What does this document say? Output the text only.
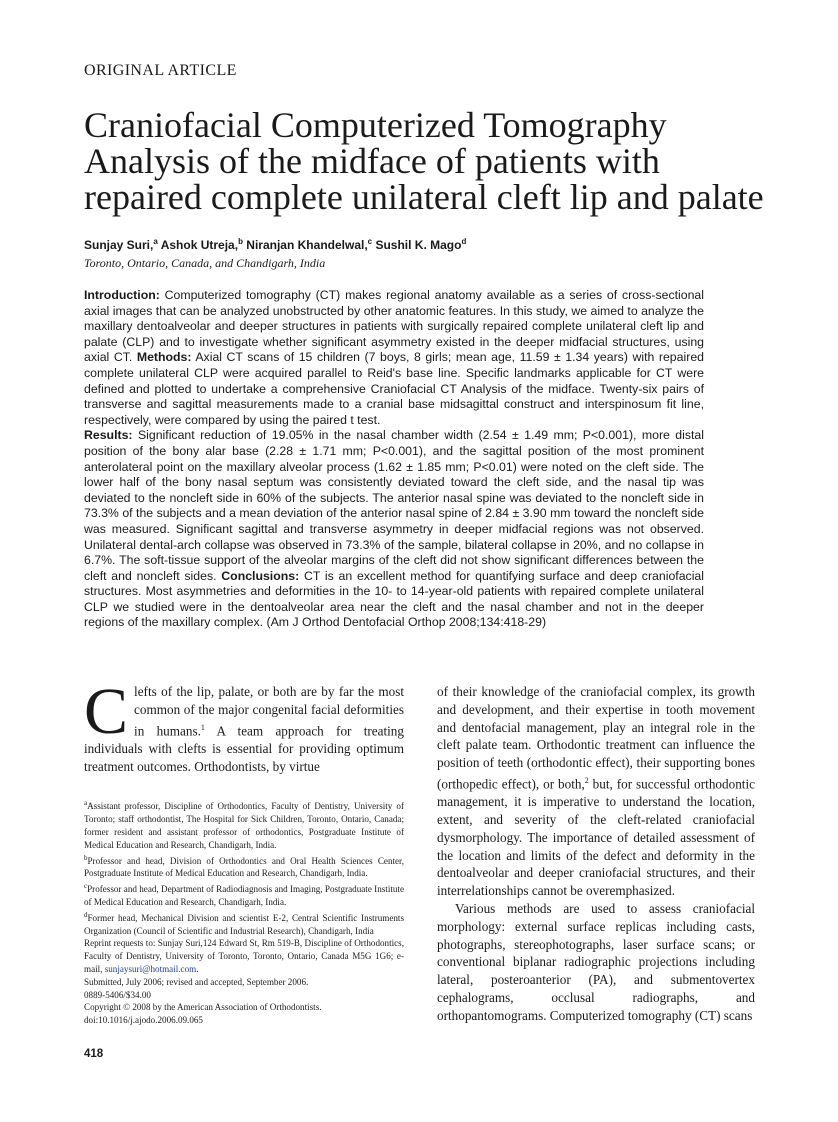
ORIGINAL ARTICLE
Craniofacial Computerized Tomography Analysis of the midface of patients with repaired complete unilateral cleft lip and palate
Sunjay Suri,$^a$ Ashok Utreja,$^b$ Niranjan Khandelwal,$^c$ Sushil K. Mago$^d$
Toronto, Ontario, Canada, and Chandigarh, India

Introduction: Computerized tomography (CT) makes regional anatomy available as a series of cross-sectional axial images that can be analyzed unobstructed by other anatomic features. In this study, we aimed to analyze the maxillary dentoalveolar and deeper structures in patients with surgically repaired complete unilateral cleft lip and palate (CLP) and to investigate whether significant asymmetry existed in the deeper midfacial structures, using axial CT. Methods: Axial CT scans of 15 children (7 boys, 8 girls; mean age, 11.59 ± 1.34 years) with repaired complete unilateral CLP were acquired parallel to Reid's base line. Specific landmarks applicable for CT were defined and plotted to undertake a comprehensive Craniofacial CT Analysis of the midface. Twenty-six pairs of transverse and sagittal measurements made to a cranial base midsagittal construct and interspinosum fit line, respectively, were compared by using the paired t test.
Results: Significant reduction of 19.05% in the nasal chamber width (2.54 ± 1.49 mm; P<0.001), more distal position of the bony alar base (2.28 ± 1.71 mm; P<0.001), and the sagittal position of the most prominent anterolateral point on the maxillary alveolar process (1.62 ± 1.85 mm; P<0.01) were noted on the cleft side. The lower half of the bony nasal septum was consistently deviated toward the cleft side, and the nasal tip was deviated to the noncleft side in 60% of the subjects. The anterior nasal spine was deviated to the noncleft side in 73.3% of the subjects and a mean deviation of the anterior nasal spine of 2.84 ± 3.90 mm toward the noncleft side was measured. Significant sagittal and transverse asymmetry in deeper midfacial regions was not observed. Unilateral dental-arch collapse was observed in 73.3% of the sample, bilateral collapse in 20%, and no collapse in 6.7%. The soft-tissue support of the alveolar margins of the cleft did not show significant differences between the cleft and noncleft sides. Conclusions: CT is an excellent method for quantifying surface and deep craniofacial structures. Most asymmetries and deformities in the 10- to 14-year-old patients with repaired complete unilateral CLP we studied were in the dentoalveolar area near the cleft and the nasal chamber and not in the deeper regions of the maxillary complex. (Am J Orthod Dentofacial Orthop 2008;134:418-29)

Clefts of the lip, palate, or both are by far the most common of the major congenital facial deformities in humans.$^1$ A team approach for treating individuals with clefts is essential for providing optimum treatment outcomes. Orthodontists, by virtue

$^a$Assistant professor, Discipline of Orthodontics, Faculty of Dentistry, University of Toronto; staff orthodontist, The Hospital for Sick Children, Toronto, Ontario, Canada; former resident and assistant professor of orthodontics, Postgraduate Institute of Medical Education and Research, Chandigarh, India.

$^b$Professor and head, Division of Orthodontics and Oral Health Sciences Center, Postgraduate Institute of Medical Education and Research, Chandigarh, India.

$^c$Professor and head, Department of Radiodiagnosis and Imaging, Postgraduate Institute of Medical Education and Research, Chandigarh, India.

$^d$Former head, Mechanical Division and scientist E-2, Central Scientific Instruments Organization (Council of Scientific and Industrial Research), Chandigarh, India

Reprint requests to: Sunjay Suri,124 Edward St, Rm 519-B, Discipline of Orthodontics, Faculty of Dentistry, University of Toronto, Toronto, Ontario, Canada M5G 1G6; e-mail, sunjaysuri@hotmail.com.

Submitted, July 2006; revised and accepted, September 2006.

0889-5406/$34.00

Copyright © 2008 by the American Association of Orthodontists.

doi:10.1016/j.ajodo.2006.09.065

of their knowledge of the craniofacial complex, its growth and development, and their expertise in tooth movement and dentofacial management, play an integral role in the cleft palate team. Orthodontic treatment can influence the position of teeth (orthodontic effect), their supporting bones (orthopedic effect), or both,$^2$ but, for successful orthodontic management, it is imperative to understand the location, extent, and severity of the cleft-related craniofacial dysmorphology. The importance of detailed assessment of the location and limits of the defect and deformity in the dentoalveolar and deeper craniofacial structures, and their interrelationships cannot be overemphasized.

Various methods are used to assess craniofacial morphology: external surface replicas including casts, photographs, stereophotographs, laser surface scans; or conventional biplanar radiographic projections including lateral, posteroanterior (PA), and submentovertex cephalograms, occlusal radiographs, and orthopantomograms. Computerized tomography (CT) scans

418
